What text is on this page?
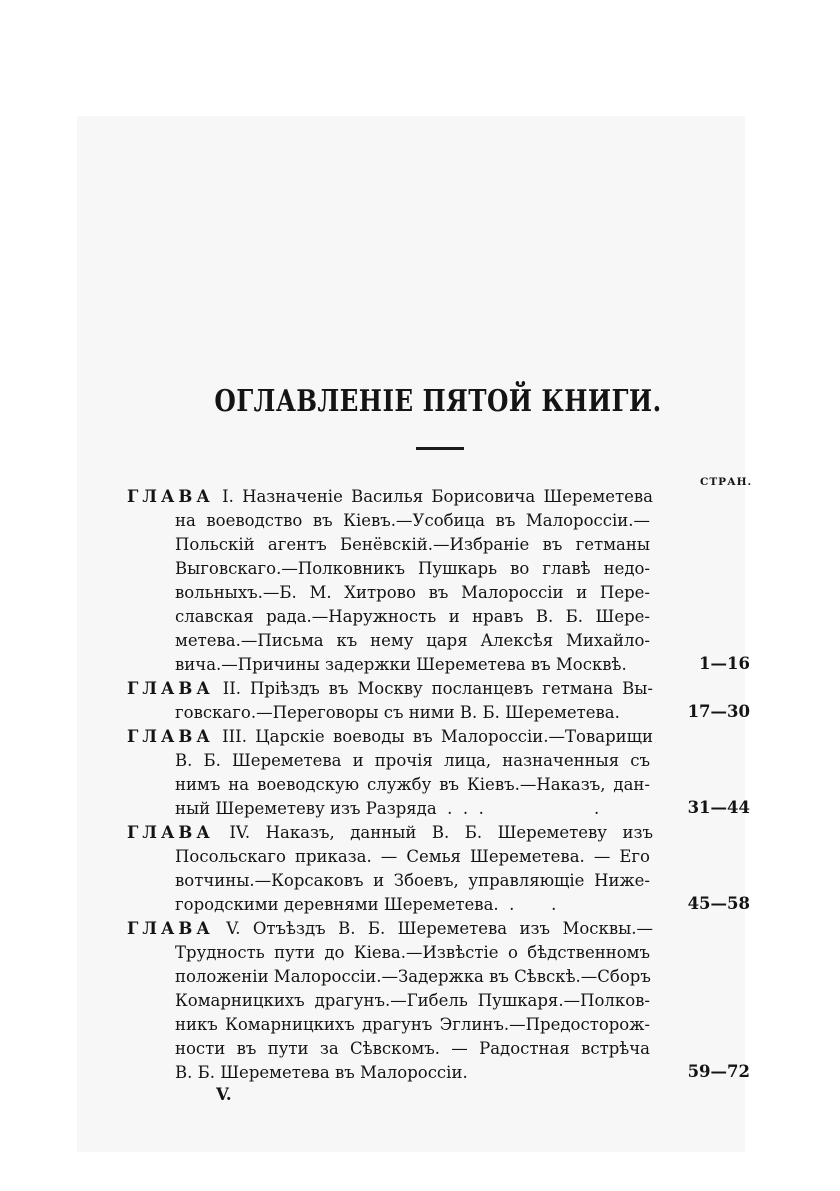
ОГЛАВЛЕНІЕ ПЯТОЙ КНИГИ.
СТРАН.
ГЛАВА I. Назначеніе Василья Борисовича Шереметева
на воеводство въ Кіевъ.—Усобица въ Малороссіи.—
Польскій агентъ Бенёвскій.—Избраніе въ гетманы
Выговскаго.—Полковникъ Пушкарь во главѣ недо-
вольныхъ.—Б. М. Хитрово въ Малороссіи и Пере-
славская рада.—Наружность и нравъ В. Б. Шере-
метева.—Письма къ нему царя Алексѣя Михайло-
вича.—Причины задержки Шереметева въ Москвѣ.	1—16
ГЛАВА II. Пріѣздъ въ Москву посланцевъ гетмана Вы-
говскаго.—Переговоры съ ними В. Б. Шереметева.	17—30
ГЛАВА III. Царскіе воеводы въ Малороссіи.—Товарищи
В. Б. Шереметева и прочія лица, назначенныя съ
нимъ на воеводскую службу въ Кіевъ.—Наказъ, дан-
ный Шереметеву изъ Разряда  .  .  .                     .	31—44
ГЛАВА IV. Наказъ, данный В. Б. Шереметеву изъ
Посольскаго приказа. — Семья Шереметева. — Его
вотчины.—Корсаковъ и Збоевъ, управляющіе Ниже-
городскими деревнями Шереметева.  .       .	45—58
ГЛАВА V. Отъѣздъ В. Б. Шереметева изъ Москвы.—
Трудность пути до Кіева.—Извѣстіе о бѣдственномъ
положеніи Малороссіи.—Задержка въ Сѣвскѣ.—Сборъ
Комарницкихъ драгунъ.—Гибель Пушкаря.—Полков-
никъ Комарницкихъ драгунъ Эглинъ.—Предосторож-
ности въ пути за Сѣвскомъ. — Радостная встрѣча
В. Б. Шереметева въ Малороссіи.	59—72
V.
